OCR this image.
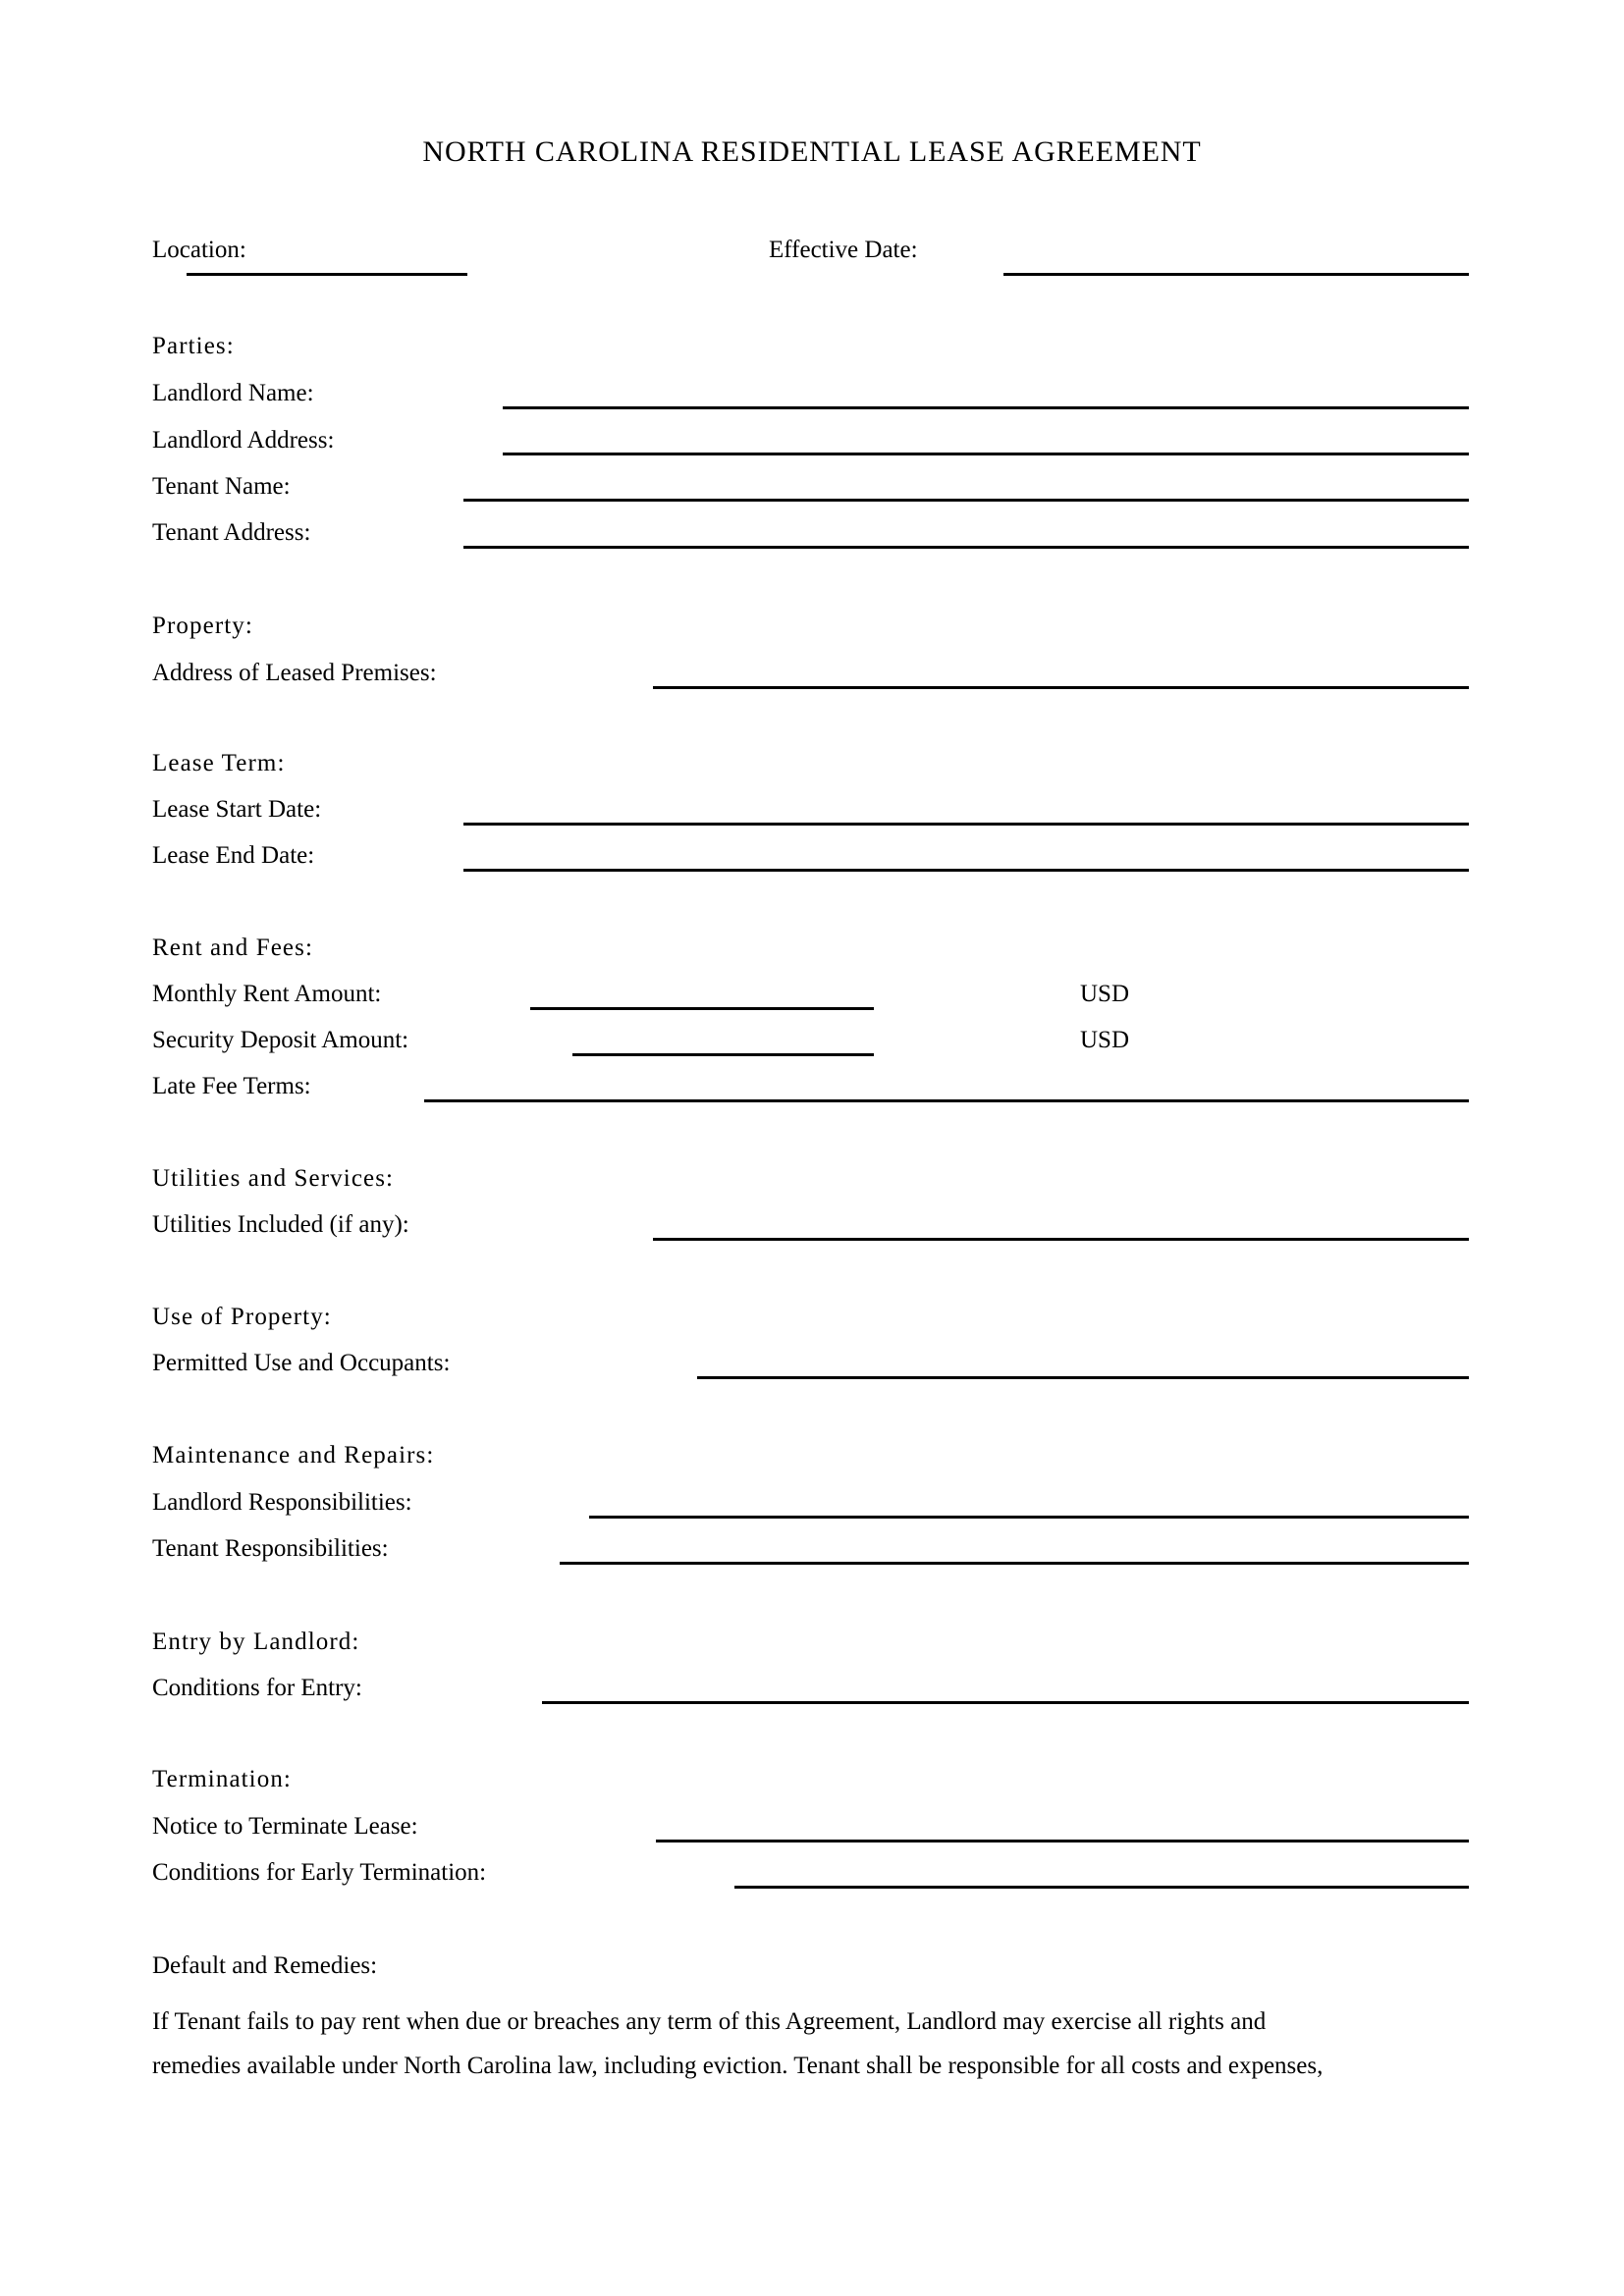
NORTH CAROLINA RESIDENTIAL LEASE AGREEMENT
Location:	Effective Date:
Parties:
Landlord Name:
Landlord Address:
Tenant Name:
Tenant Address:
Property:
Address of Leased Premises:
Lease Term:
Lease Start Date:
Lease End Date:
Rent and Fees:
Monthly Rent Amount:	USD
Security Deposit Amount:	USD
Late Fee Terms:
Utilities and Services:
Utilities Included (if any):
Use of Property:
Permitted Use and Occupants:
Maintenance and Repairs:
Landlord Responsibilities:
Tenant Responsibilities:
Entry by Landlord:
Conditions for Entry:
Termination:
Notice to Terminate Lease:
Conditions for Early Termination:
Default and Remedies:
If Tenant fails to pay rent when due or breaches any term of this Agreement, Landlord may exercise all rights and
remedies available under North Carolina law, including eviction. Tenant shall be responsible for all costs and expenses,
